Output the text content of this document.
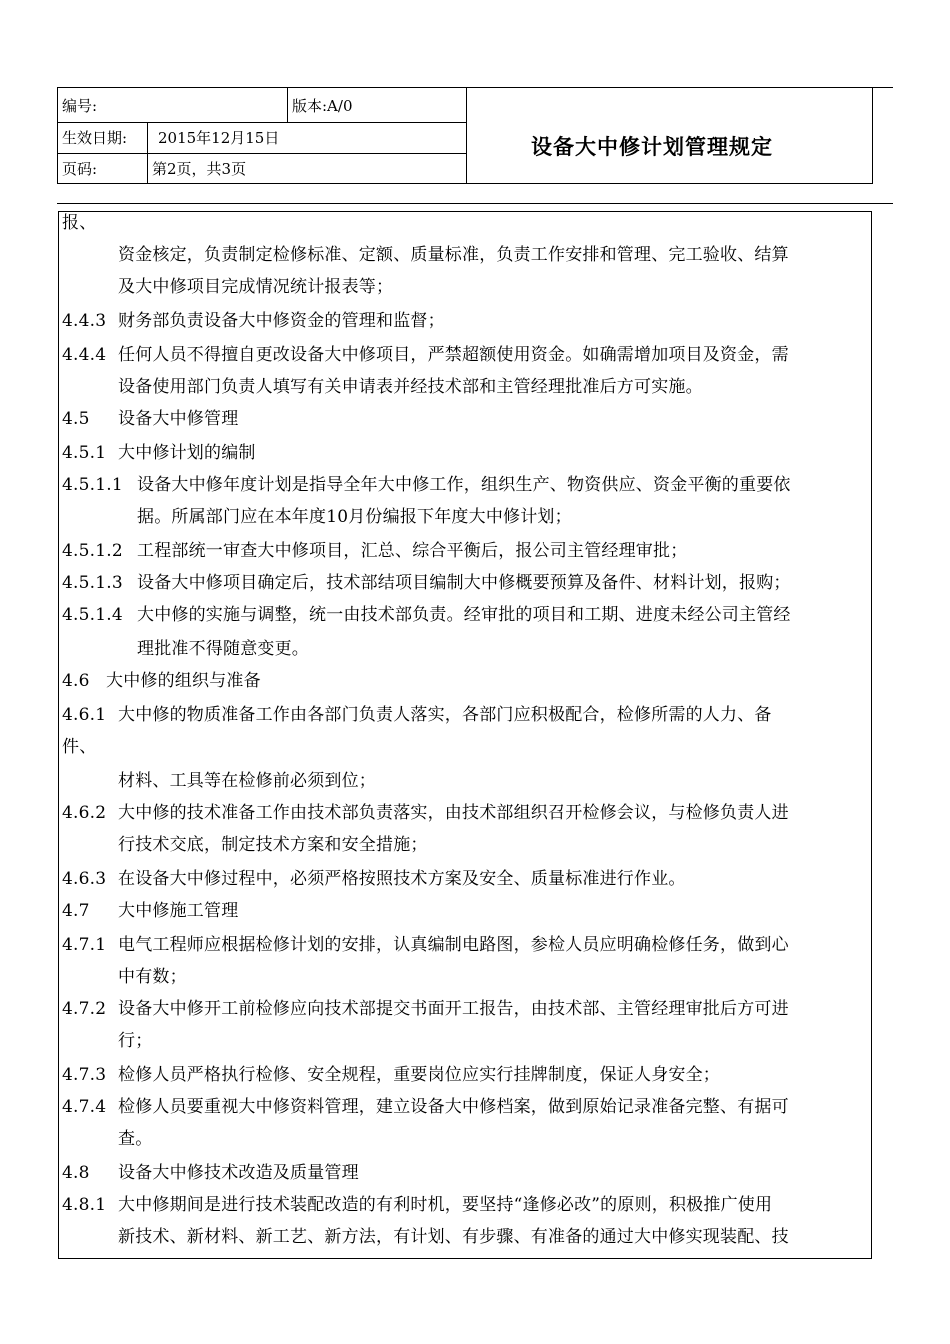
编号:	版本:A/0
生效日期: 2015年12月15日
页码:	第2页，共3页
设备大中修计划管理规定
报、
资金核定，负责制定检修标准、定额、质量标准，负责工作安排和管理、完工验收、结算
及大中修项目完成情况统计报表等；
4.4.3 财务部负责设备大中修资金的管理和监督；
4.4.4 任何人员不得擅自更改设备大中修项目，严禁超额使用资金。如确需增加项目及资金，需
设备使用部门负责人填写有关申请表并经技术部和主管经理批准后方可实施。
4.5 设备大中修管理
4.5.1 大中修计划的编制
4.5.1.1 设备大中修年度计划是指导全年大中修工作，组织生产、物资供应、资金平衡的重要依
据。所属部门应在本年度10月份编报下年度大中修计划；
4.5.1.2 工程部统一审查大中修项目，汇总、综合平衡后，报公司主管经理审批；
4.5.1.3 设备大中修项目确定后，技术部结项目编制大中修概要预算及备件、材料计划，报购；
4.5.1.4 大中修的实施与调整，统一由技术部负责。经审批的项目和工期、进度未经公司主管经
理批准不得随意变更。
4.6 大中修的组织与准备
4.6.1 大中修的物质准备工作由各部门负责人落实，各部门应积极配合，检修所需的人力、备
件、
材料、工具等在检修前必须到位；
4.6.2 大中修的技术准备工作由技术部负责落实，由技术部组织召开检修会议，与检修负责人进
行技术交底，制定技术方案和安全措施；
4.6.3 在设备大中修过程中，必须严格按照技术方案及安全、质量标准进行作业。
4.7 大中修施工管理
4.7.1 电气工程师应根据检修计划的安排，认真编制电路图，参检人员应明确检修任务，做到心
中有数；
4.7.2 设备大中修开工前检修应向技术部提交书面开工报告，由技术部、主管经理审批后方可进
行；
4.7.3 检修人员严格执行检修、安全规程，重要岗位应实行挂牌制度，保证人身安全；
4.7.4 检修人员要重视大中修资料管理，建立设备大中修档案，做到原始记录准备完整、有据可
查。
4.8 设备大中修技术改造及质量管理
4.8.1 大中修期间是进行技术装配改造的有利时机，要坚持“逢修必改”的原则，积极推广使用
新技术、新材料、新工艺、新方法，有计划、有步骤、有准备的通过大中修实现装配、技
